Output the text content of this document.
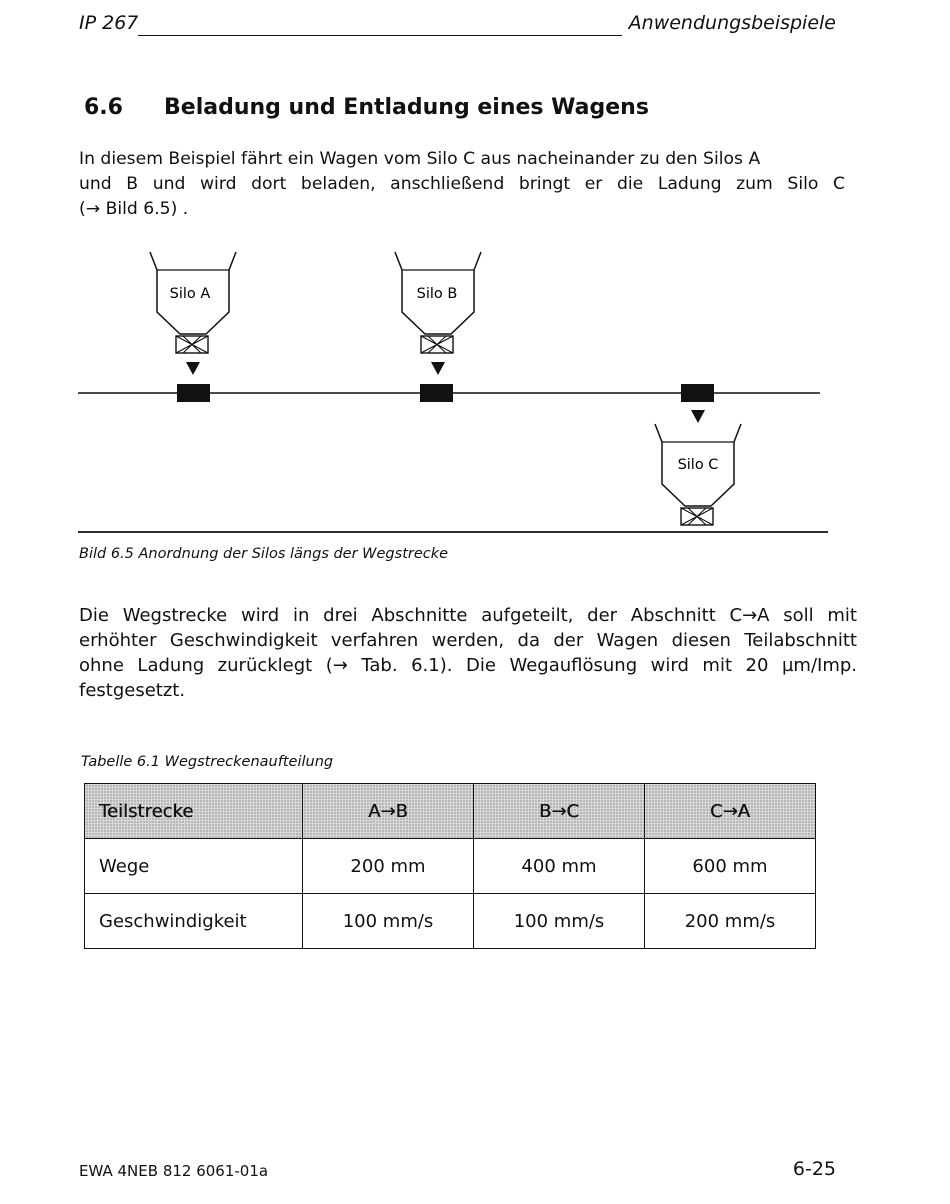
IP 267	Anwendungsbeispiele
6.6 Beladung und Entladung eines Wagens
In diesem Beispiel fährt ein Wagen vom Silo C aus nacheinander zu den Silos A
und B und wird dort beladen, anschließend bringt er die Ladung zum Silo C
(→ Bild 6.5) .
Silo A	Silo B
Silo C
Bild 6.5 Anordnung der Silos längs der Wegstrecke
Die Wegstrecke wird in drei Abschnitte aufgeteilt, der Abschnitt C→A soll mit
erhöhter Geschwindigkeit verfahren werden, da der Wagen diesen Teilabschnitt
ohne Ladung zurücklegt (→ Tab. 6.1). Die Wegauflösung wird mit 20 µm/Imp.
festgesetzt.
Tabelle 6.1 Wegstreckenaufteilung
Teilstrecke	A→B	B→C	C→A
Wege	200 mm	400 mm	600 mm
Geschwindigkeit	100 mm/s	100 mm/s	200 mm/s
EWA 4NEB 812 6061-01a	6-25
